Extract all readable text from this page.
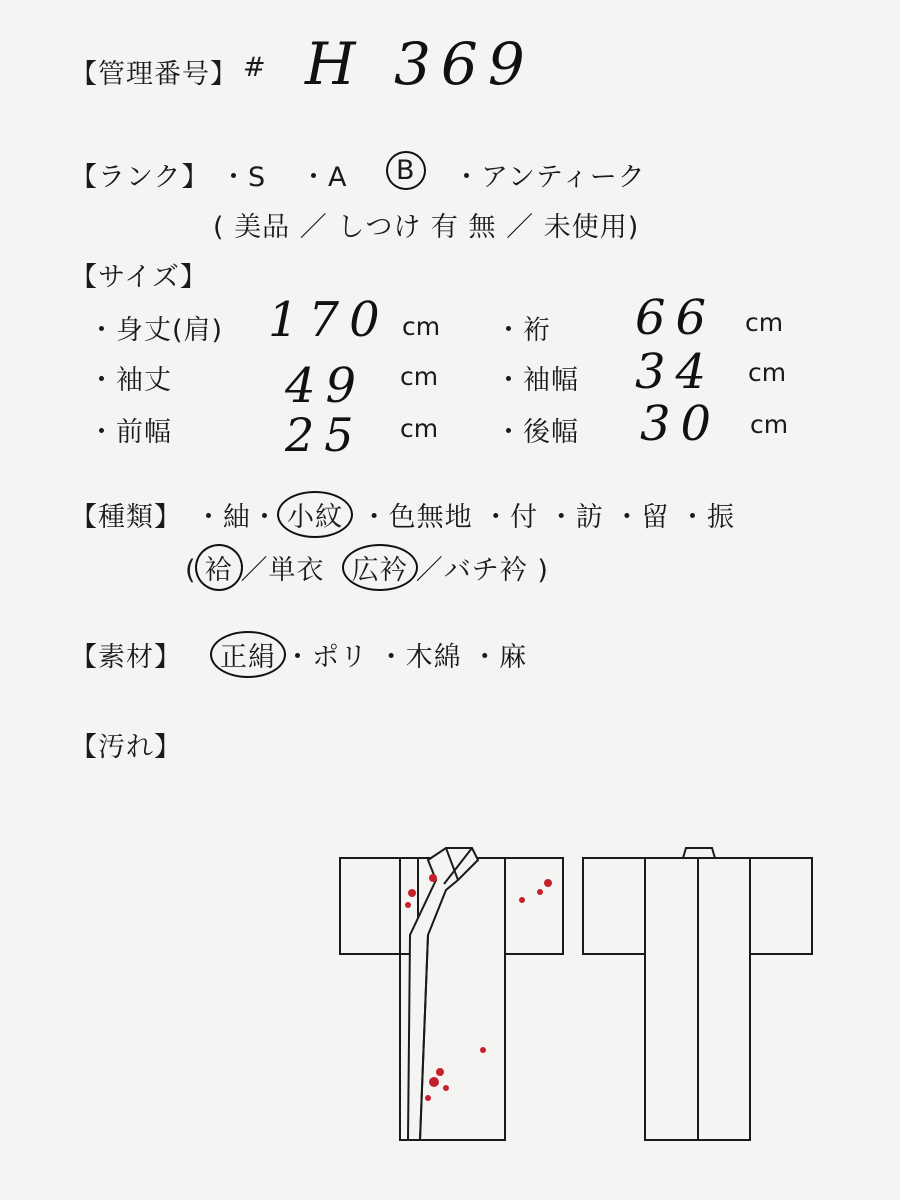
【管理番号】 # H 369
【ランク】 ・S ・A B ・アンティーク
( 美品 ／ しつけ 有 無 ／ 未使用)
【サイズ】
・身丈(肩) 170 cm ・裄 66 cm
・袖丈 49 cm ・袖幅 34 cm
・前幅 25 cm ・後幅 30 cm
【種類】 ・紬・ 小紋 ・色無地 ・付 ・訪 ・留 ・振
( 袷 ／単衣 広衿 ／バチ衿 )
【素材】 正絹 ・ポリ ・木綿 ・麻
【汚れ】
